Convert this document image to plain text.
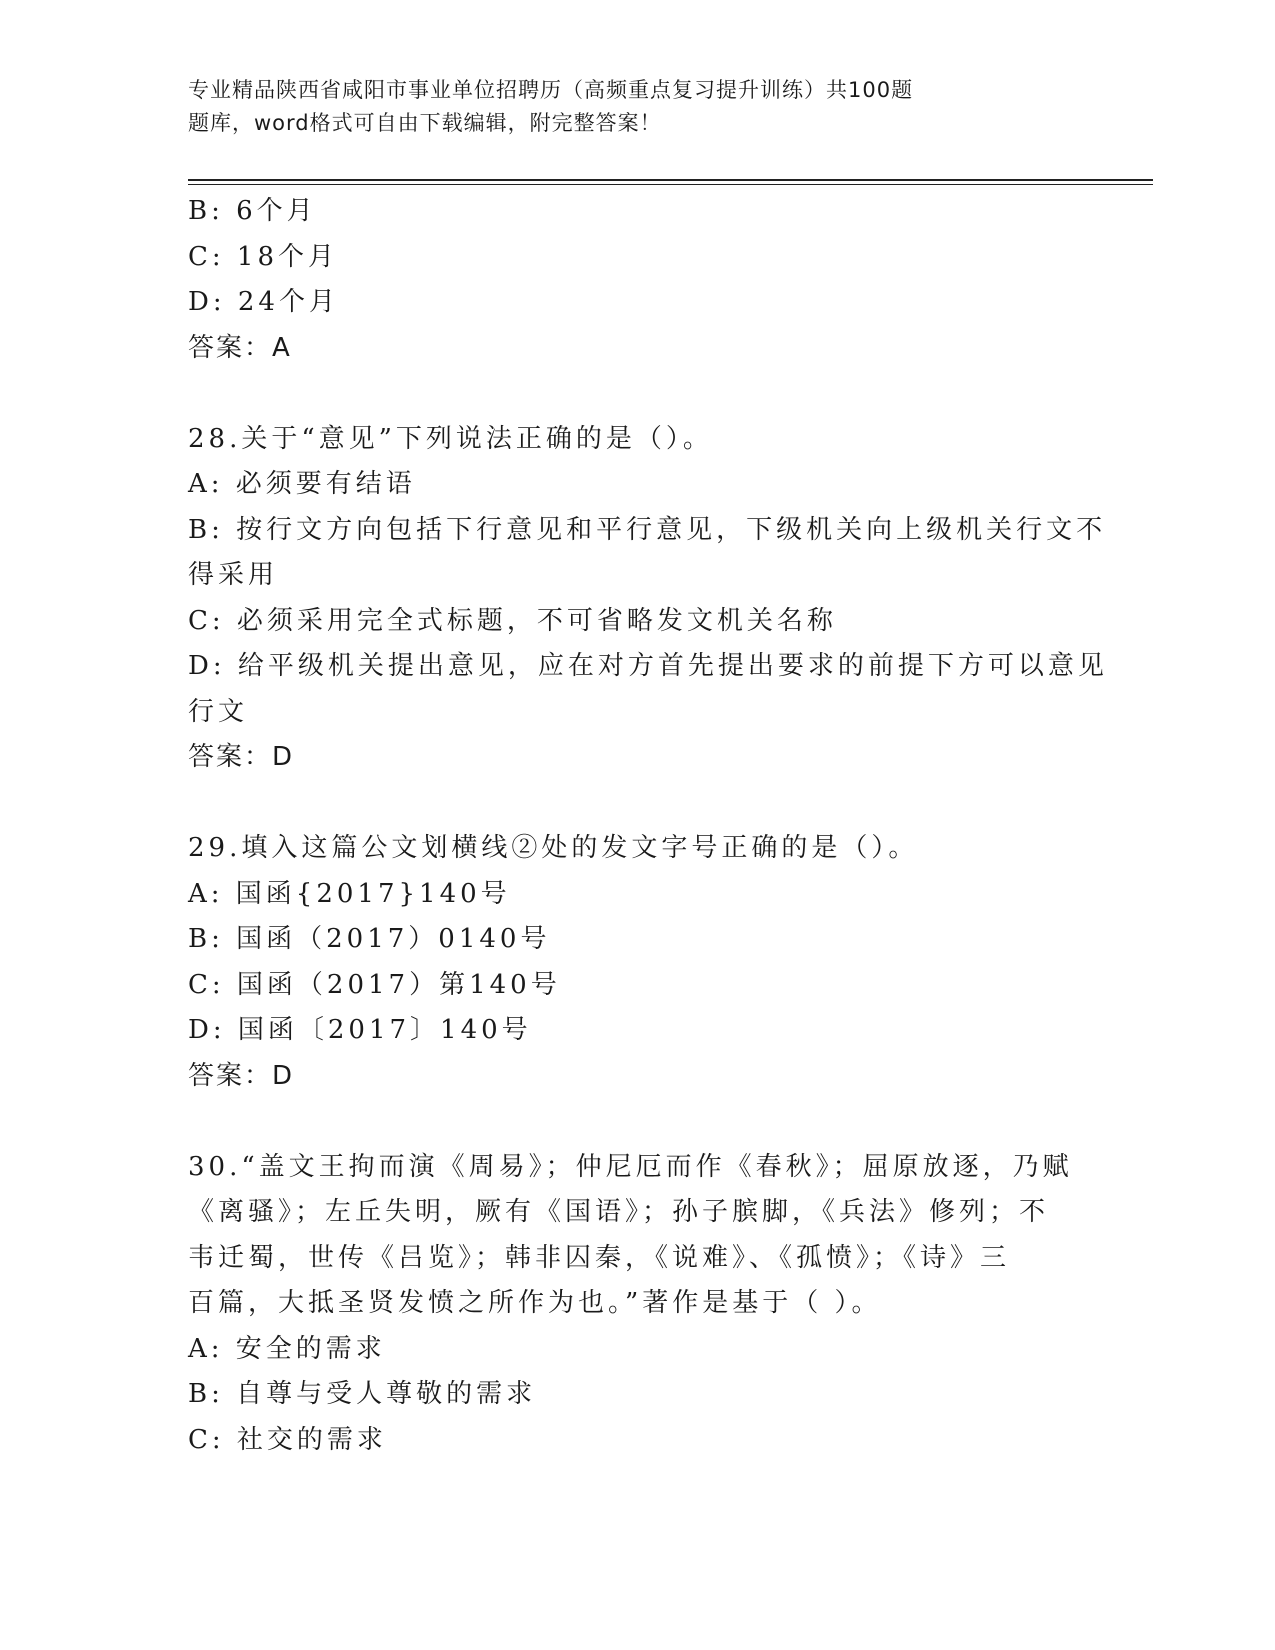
专业精品陕西省咸阳市事业单位招聘历（高频重点复习提升训练）共100题
题库，word格式可自由下载编辑，附完整答案！
B: 6个月
C: 18个月
D: 24个月
答案：A
28.关于“意见”下列说法正确的是（）。
A: 必须要有结语
B: 按行文方向包括下行意见和平行意见，下级机关向上级机关行文不
得采用
C: 必须采用完全式标题，不可省略发文机关名称
D: 给平级机关提出意见，应在对方首先提出要求的前提下方可以意见
行文
答案：D
29.填入这篇公文划横线②处的发文字号正确的是（）。
A: 国函{2017}140号
B: 国函（2017）0140号
C: 国函（2017）第140号
D: 国函〔2017〕140号
答案：D
30.“盖文王拘而演《周易》；仲尼厄而作《春秋》；屈原放逐，乃赋
《离骚》；左丘失明，厥有《国语》；孙子膑脚，《兵法》修列；不
韦迁蜀，世传《吕览》；韩非囚秦，《说难》、《孤愤》；《诗》三
百篇，大抵圣贤发愤之所作为也。”著作是基于（ ）。
A: 安全的需求
B: 自尊与受人尊敬的需求
C: 社交的需求
